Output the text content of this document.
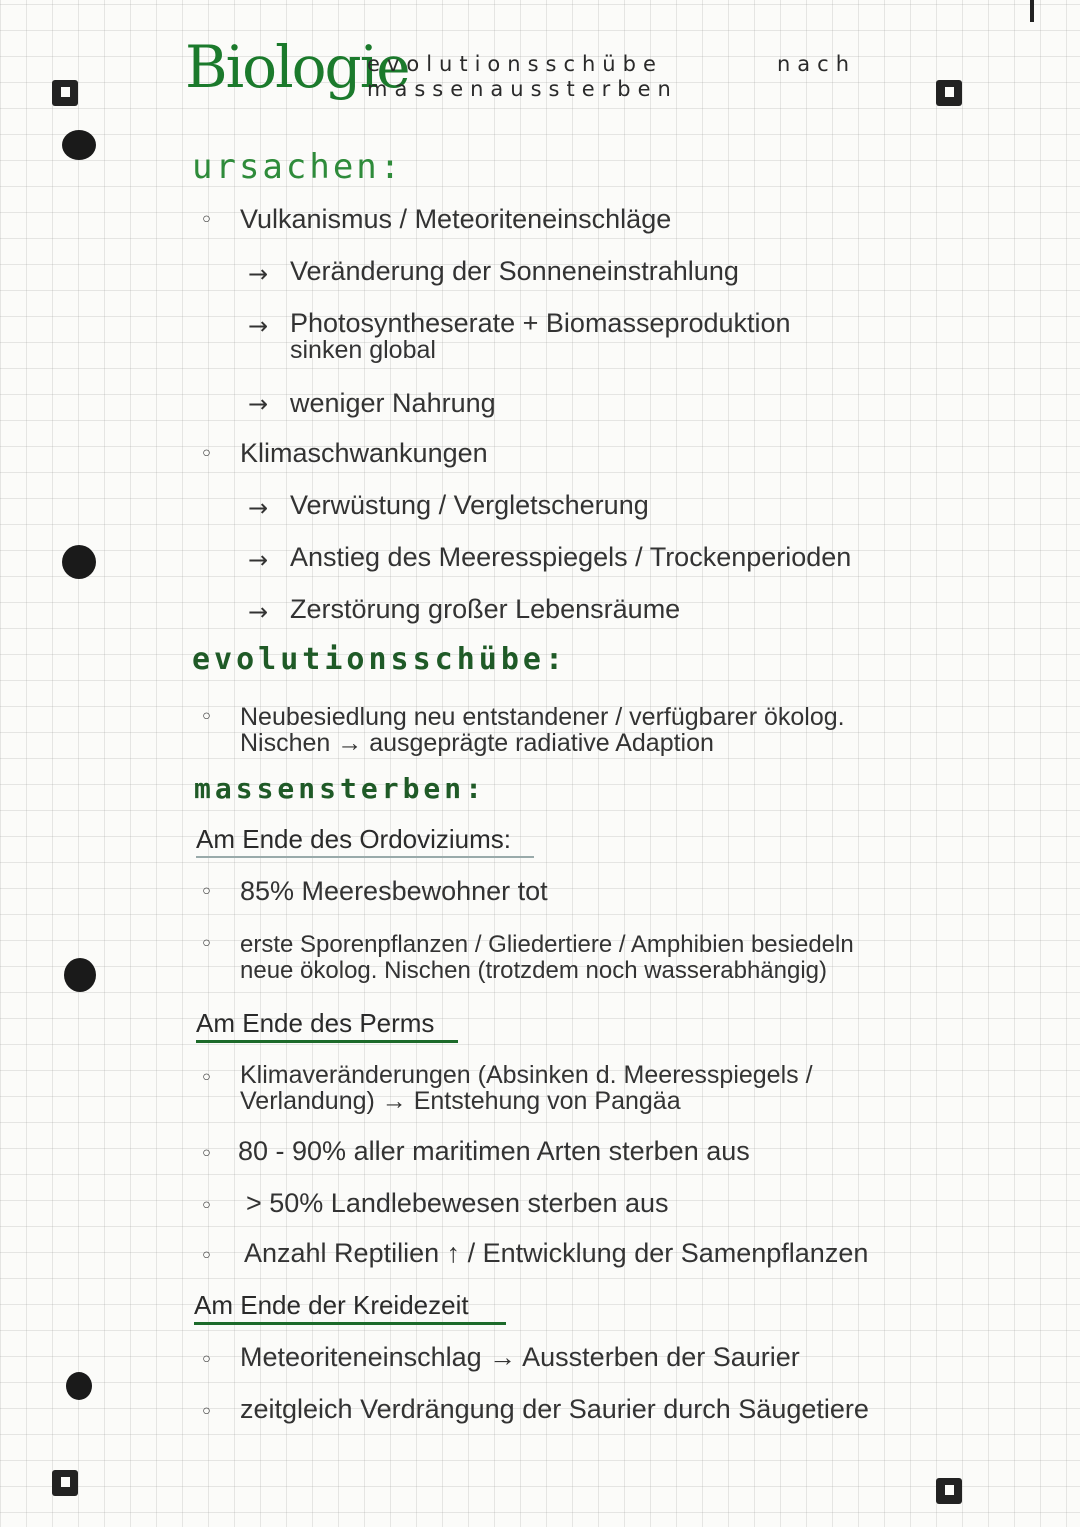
Biologie
evolutionsschübe	nach
massenaussterben
ursachen:
◦ Vulkanismus / Meteoriteneinschläge
→ Veränderung der Sonneneinstrahlung
→ Photosyntheserate + Biomasseproduktion
sinken global
→ weniger Nahrung
◦ Klimaschwankungen
→ Verwüstung / Vergletscherung
→ Anstieg des Meeresspiegels / Trockenperioden
→ Zerstörung großer Lebensräume
evolutionsschübe:
◦ Neubesiedlung neu entstandener / verfügbarer ökolog.
Nischen → ausgeprägte radiative Adaption
massensterben:
Am Ende des Ordoviziums:
◦ 85% Meeresbewohner tot
◦ erste Sporenpflanzen / Gliedertiere / Amphibien besiedeln
neue ökolog. Nischen (trotzdem noch wasserabhängig)
Am Ende des Perms
◦ Klimaveränderungen (Absinken d. Meeresspiegels /
Verlandung) → Entstehung von Pangäa
◦ 80 - 90% aller maritimen Arten sterben aus
◦ > 50% Landlebewesen sterben aus
◦ Anzahl Reptilien ↑ / Entwicklung der Samenpflanzen
Am Ende der Kreidezeit
◦ Meteoriteneinschlag → Aussterben der Saurier
◦ zeitgleich Verdrängung der Saurier durch Säugetiere
